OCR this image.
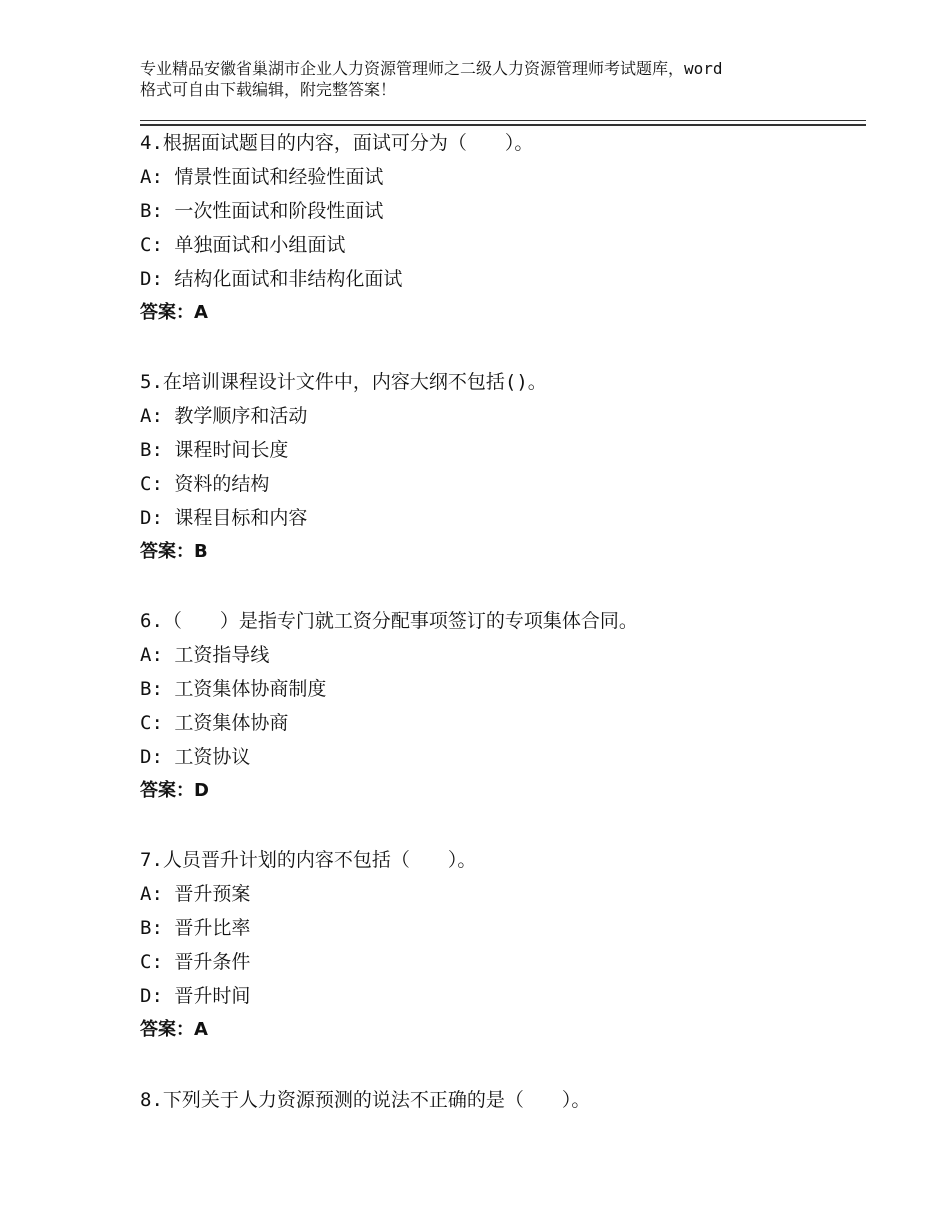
专业精品安徽省巢湖市企业人力资源管理师之二级人力资源管理师考试题库，word
格式可自由下载编辑，附完整答案！
4.根据面试题目的内容，面试可分为（　　）。
A: 情景性面试和经验性面试
B: 一次性面试和阶段性面试
C: 单独面试和小组面试
D: 结构化面试和非结构化面试
答案：A
5.在培训课程设计文件中，内容大纲不包括()。
A: 教学顺序和活动
B: 课程时间长度
C: 资料的结构
D: 课程目标和内容
答案：B
6.（　　）是指专门就工资分配事项签订的专项集体合同。
A: 工资指导线
B: 工资集体协商制度
C: 工资集体协商
D: 工资协议
答案：D
7.人员晋升计划的内容不包括（　　）。
A: 晋升预案
B: 晋升比率
C: 晋升条件
D: 晋升时间
答案：A
8.下列关于人力资源预测的说法不正确的是（　　）。
